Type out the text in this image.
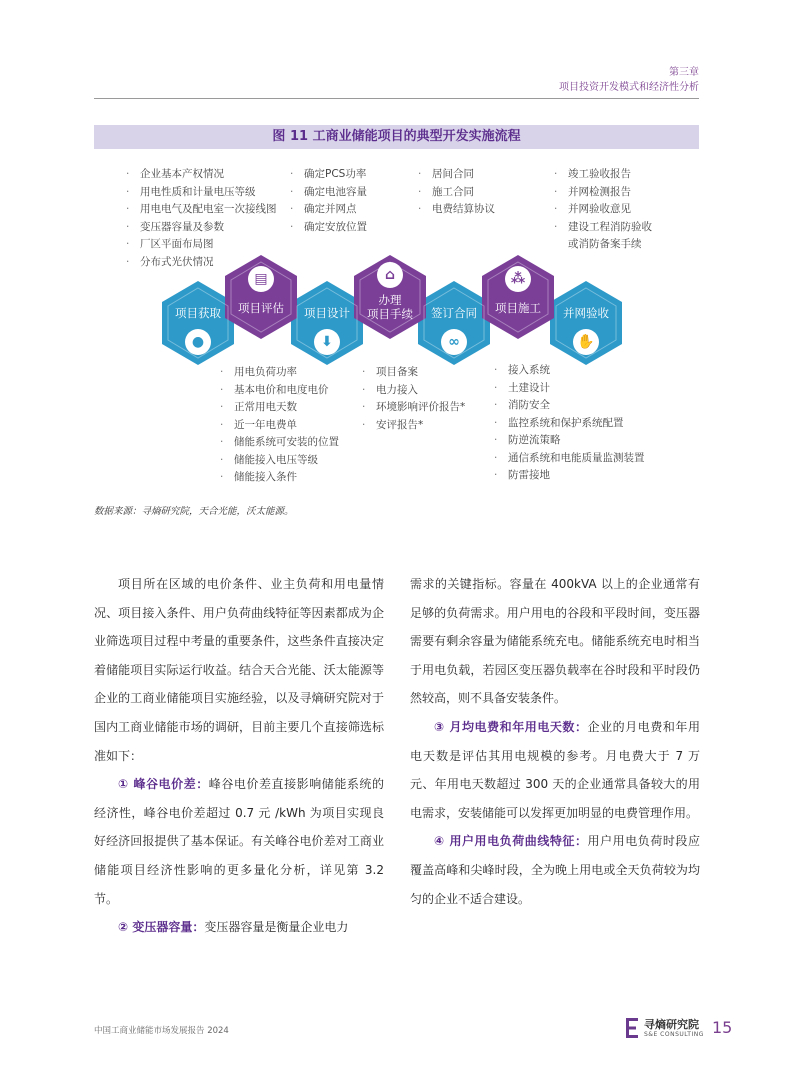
第三章
项目投资开发模式和经济性分析
图 11 工商业储能项目的典型开发实施流程
· 企业基本产权情况
· 用电性质和计量电压等级
· 用电电气及配电室一次接线图
· 变压器容量及参数
· 厂区平面布局图
· 分布式光伏情况
· 确定PCS功率
· 确定电池容量
· 确定并网点
· 确定安放位置
· 居间合同
· 施工合同
· 电费结算协议
· 竣工验收报告
· 并网检测报告
· 并网验收意见
· 建设工程消防验收
或消防备案手续
项目获取	项目评估	项目设计
办理
项目手续	签订合同	项目施工	并网验收
●	⬇	∞	✋
▤	⌂	⁂
· 用电负荷功率
· 基本电价和电度电价
· 正常用电天数
· 近一年电费单
· 储能系统可安装的位置
· 储能接入电压等级
· 储能接入条件
· 项目备案
· 电力接入
· 环境影响评价报告*
· 安评报告*
· 接入系统
· 土建设计
· 消防安全
· 监控系统和保护系统配置
· 防逆流策略
· 通信系统和电能质量监测装置
· 防雷接地
数据来源：寻熵研究院，天合光能，沃太能源。

项目所在区域的电价条件、业主负荷和用电量情况、项目接入条件、用户负荷曲线特征等因素都成为企业筛选项目过程中考量的重要条件，这些条件直接决定着储能项目实际运行收益。结合天合光能、沃太能源等企业的工商业储能项目实施经验，以及寻熵研究院对于国内工商业储能市场的调研，目前主要几个直接筛选标准如下：

① 峰谷电价差：峰谷电价差直接影响储能系统的经济性，峰谷电价差超过 0.7 元 /kWh 为项目实现良好经济回报提供了基本保证。有关峰谷电价差对工商业储能项目经济性影响的更多量化分析，详见第 3.2 节。

② 变压器容量：变压器容量是衡量企业电力

需求的关键指标。容量在 400kVA 以上的企业通常有足够的负荷需求。用户用电的谷段和平段时间，变压器需要有剩余容量为储能系统充电。储能系统充电时相当于用电负载，若园区变压器负载率在谷时段和平时段仍然较高，则不具备安装条件。

③ 月均电费和年用电天数：企业的月电费和年用电天数是评估其用电规模的参考。月电费大于 7 万元、年用电天数超过 300 天的企业通常具备较大的用电需求，安装储能可以发挥更加明显的电费管理作用。

④ 用户用电负荷曲线特征：用户用电负荷时段应覆盖高峰和尖峰时段，全为晚上用电或全天负荷较为均匀的企业不适合建设。

中国工商业储能市场发展报告 2024	寻熵研究院
S&E CONSULTING 15
